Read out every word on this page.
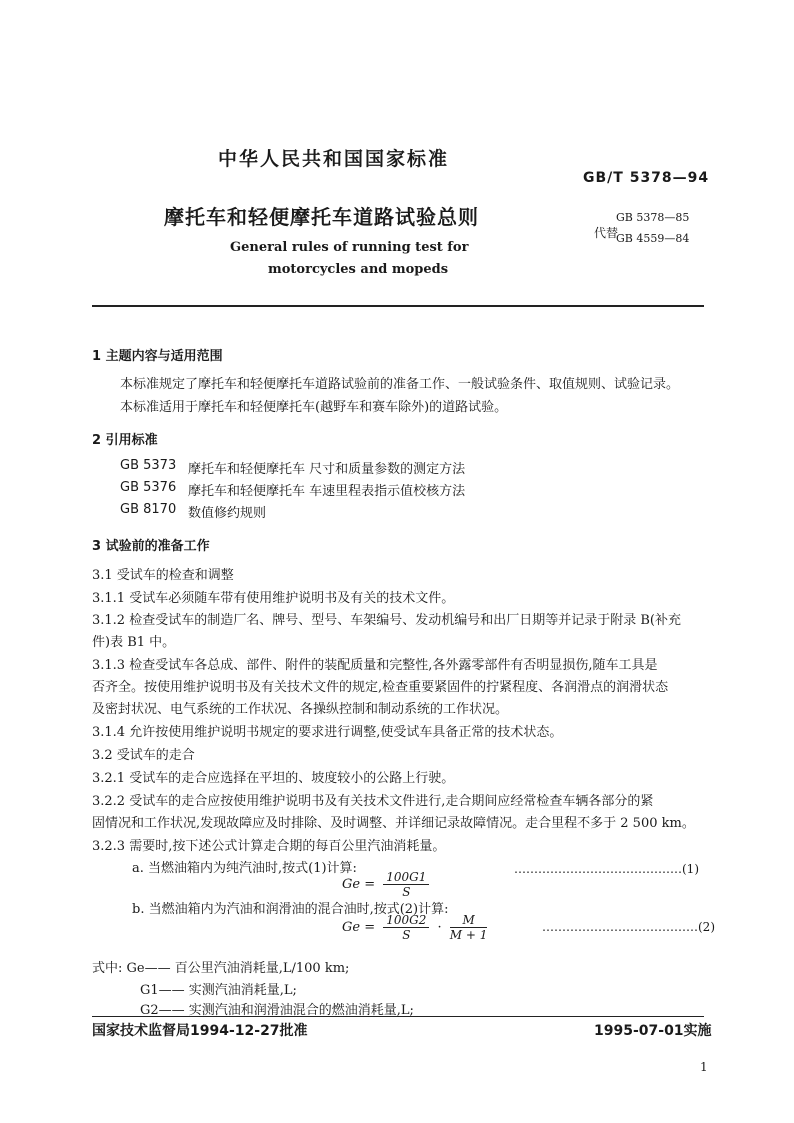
中华人民共和国国家标准
GB/T 5378—94
摩托车和轻便摩托车道路试验总则
代替
GB 5378—85
GB 4559—84
General rules of running test for
motorcycles and mopeds
1 主题内容与适用范围
本标准规定了摩托车和轻便摩托车道路试验前的准备工作、一般试验条件、取值规则、试验记录。
本标准适用于摩托车和轻便摩托车(越野车和赛车除外)的道路试验。
2 引用标准
GB 5373 摩托车和轻便摩托车 尺寸和质量参数的测定方法
GB 5376 摩托车和轻便摩托车 车速里程表指示值校核方法
GB 8170 数值修约规则
3 试验前的准备工作
3.1 受试车的检查和调整
3.1.1 受试车必须随车带有使用维护说明书及有关的技术文件。
3.1.2 检查受试车的制造厂名、牌号、型号、车架编号、发动机编号和出厂日期等并记录于附录 B(补充
件)表 B1 中。
3.1.3 检查受试车各总成、部件、附件的装配质量和完整性,各外露零部件有否明显损伤,随车工具是
否齐全。按使用维护说明书及有关技术文件的规定,检查重要紧固件的拧紧程度、各润滑点的润滑状态
及密封状况、电气系统的工作状况、各操纵控制和制动系统的工作状况。
3.1.4 允许按使用维护说明书规定的要求进行调整,使受试车具备正常的技术状态。
3.2 受试车的走合
3.2.1 受试车的走合应选择在平坦的、坡度较小的公路上行驶。
3.2.2 受试车的走合应按使用维护说明书及有关技术文件进行,走合期间应经常检查车辆各部分的紧
固情况和工作状况,发现故障应及时排除、及时调整、并详细记录故障情况。走合里程不多于 2 500 km。
3.2.3 需要时,按下述公式计算走合期的每百公里汽油消耗量。
a. 当燃油箱内为纯汽油时,按式(1)计算:
$Ge = \frac{100G1}{S}$
……………………………………(1)
b. 当燃油箱内为汽油和润滑油的混合油时,按式(2)计算:
$Ge = \frac{100G2}{S} \cdot \frac{M}{M + 1}$	…………………………………(2)
式中: Ge—— 百公里汽油消耗量,L/100 km;
G1—— 实测汽油消耗量,L;
G2—— 实测汽油和润滑油混合的燃油消耗量,L;
国家技术监督局1994-12-27批准	1995-07-01实施
1
